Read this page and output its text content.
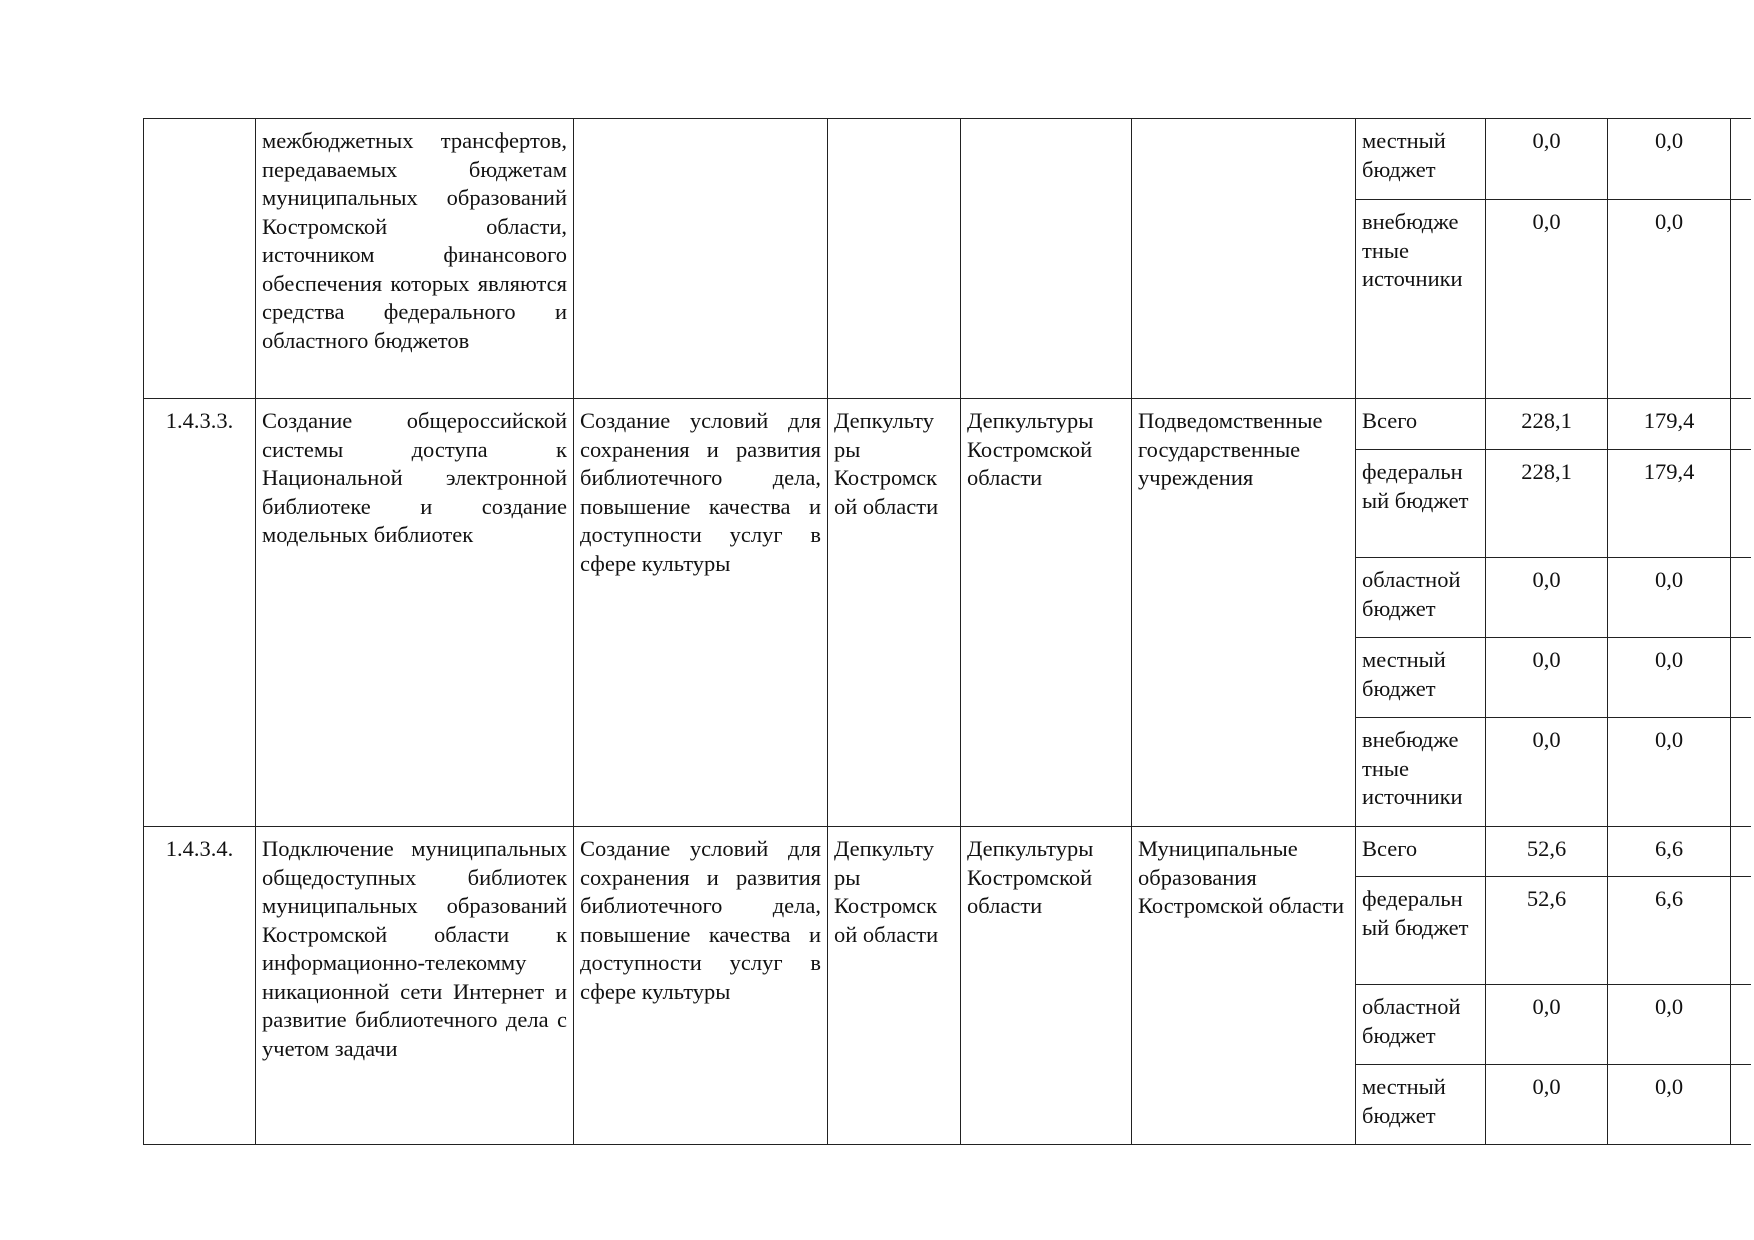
	межбюджетных трансфертов, передаваемых бюджетам муниципальных образований Костромской области, источником финансового обеспечения которых являются средства федерального и областного бюджетов					местный бюджет	0,0	0,0	
						внебюдже тные источники	0,0	0,0	
1.4.3.3.	Создание общероссийской системы доступа к Национальной электронной библиотеке и создание модельных библиотек	Создание условий для сохранения и развития библиотечного дела, повышение качества и доступности услуг в сфере культуры	Депкульту ры Костромск ой области	Депкультуры Костромской области	Подведомственные государственные учреждения	Всего	228,1	179,4	
						федеральн ый бюджет	228,1	179,4	
						областной бюджет	0,0	0,0	
						местный бюджет	0,0	0,0	
						внебюдже тные источники	0,0	0,0	
1.4.3.4.	Подключение муниципальных общедоступных библиотек муниципальных образований Костромской области к информационно-телекомму никационной сети Интернет и развитие библиотечного дела с учетом задачи	Создание условий для сохранения и развития библиотечного дела, повышение качества и доступности услуг в сфере культуры	Депкульту ры Костромск ой области	Депкультуры Костромской области	Муниципальные образования Костромской области	Всего	52,6	6,6	
						федеральн ый бюджет	52,6	6,6	
						областной бюджет	0,0	0,0	
						местный бюджет	0,0	0,0	
